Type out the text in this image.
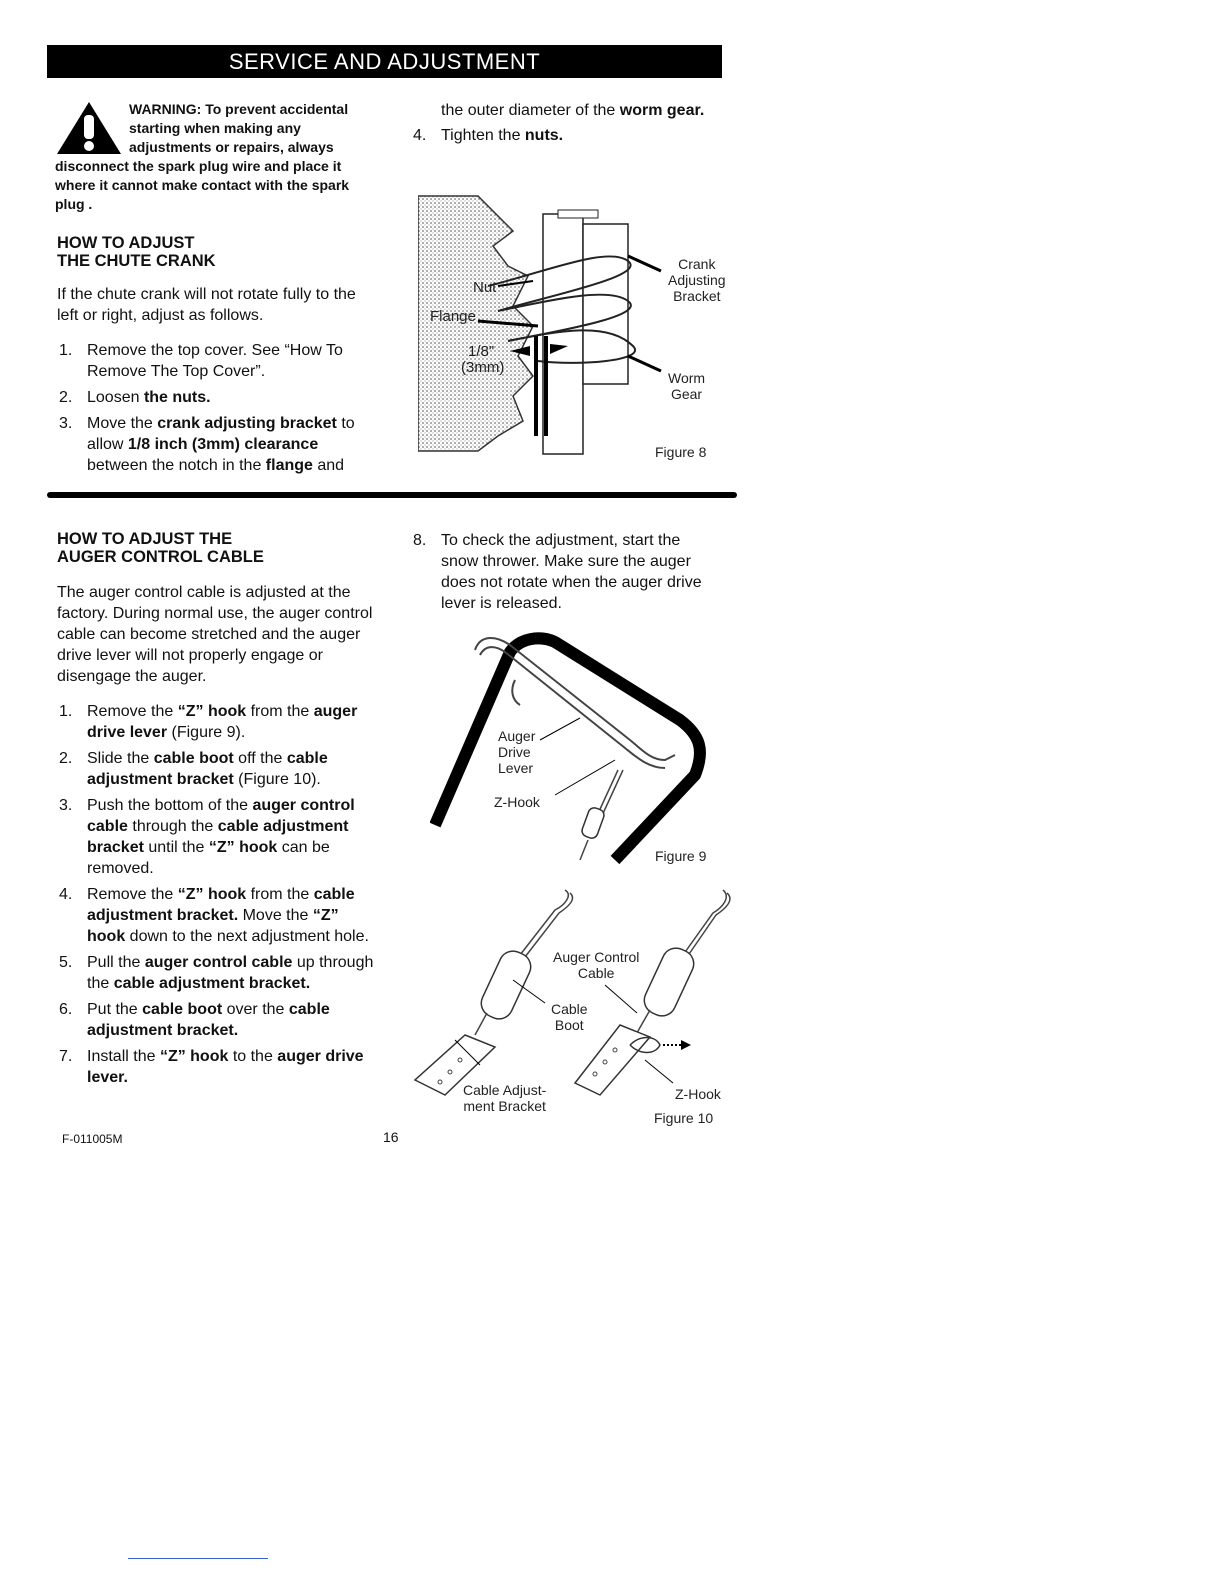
SERVICE AND ADJUSTMENT
WARNING: To prevent accidental starting when making any adjustments or repairs, always disconnect the spark plug wire and place it where it cannot make contact with the spark plug .
HOW TO ADJUST
THE CHUTE CRANK

If the chute crank will not rotate fully to the left or right, adjust as follows.

1. Remove the top cover. See “How To Remove The Top Cover”.
2. Loosen the nuts.
3. Move the crank adjusting bracket to allow 1/8 inch (3mm) clearance between the notch in the flange and

the outer diameter of the worm gear.

4. Tighten the nuts.
Nut
Flange
1/8"
(3mm)
Crank
Adjusting
Bracket
Worm
Gear
Figure 8
HOW TO ADJUST THE
AUGER CONTROL CABLE

The auger control cable is adjusted at the factory. During normal use, the auger control cable can become stretched and the auger drive lever will not properly engage or disengage the auger.

1. Remove the “Z” hook from the auger drive lever (Figure 9).
2. Slide the cable boot off the cable adjustment bracket (Figure 10).
3. Push the bottom of the auger control cable through the cable adjustment bracket until the “Z” hook can be removed.
4. Remove the “Z” hook from the cable adjustment bracket. Move the “Z” hook down to the next adjustment hole.
5. Pull the auger control cable up through the cable adjustment bracket.
6. Put the cable boot over the cable adjustment bracket.
7. Install the “Z” hook to the auger drive lever.
8. To check the adjustment, start the snow thrower. Make sure the auger does not rotate when the auger drive lever is released.
Auger
Drive
Lever
Z-Hook
Figure 9
Auger Control
Cable
Cable
Boot
Cable Adjust-
ment Bracket
Z-Hook
Figure 10
F-011005M	16
